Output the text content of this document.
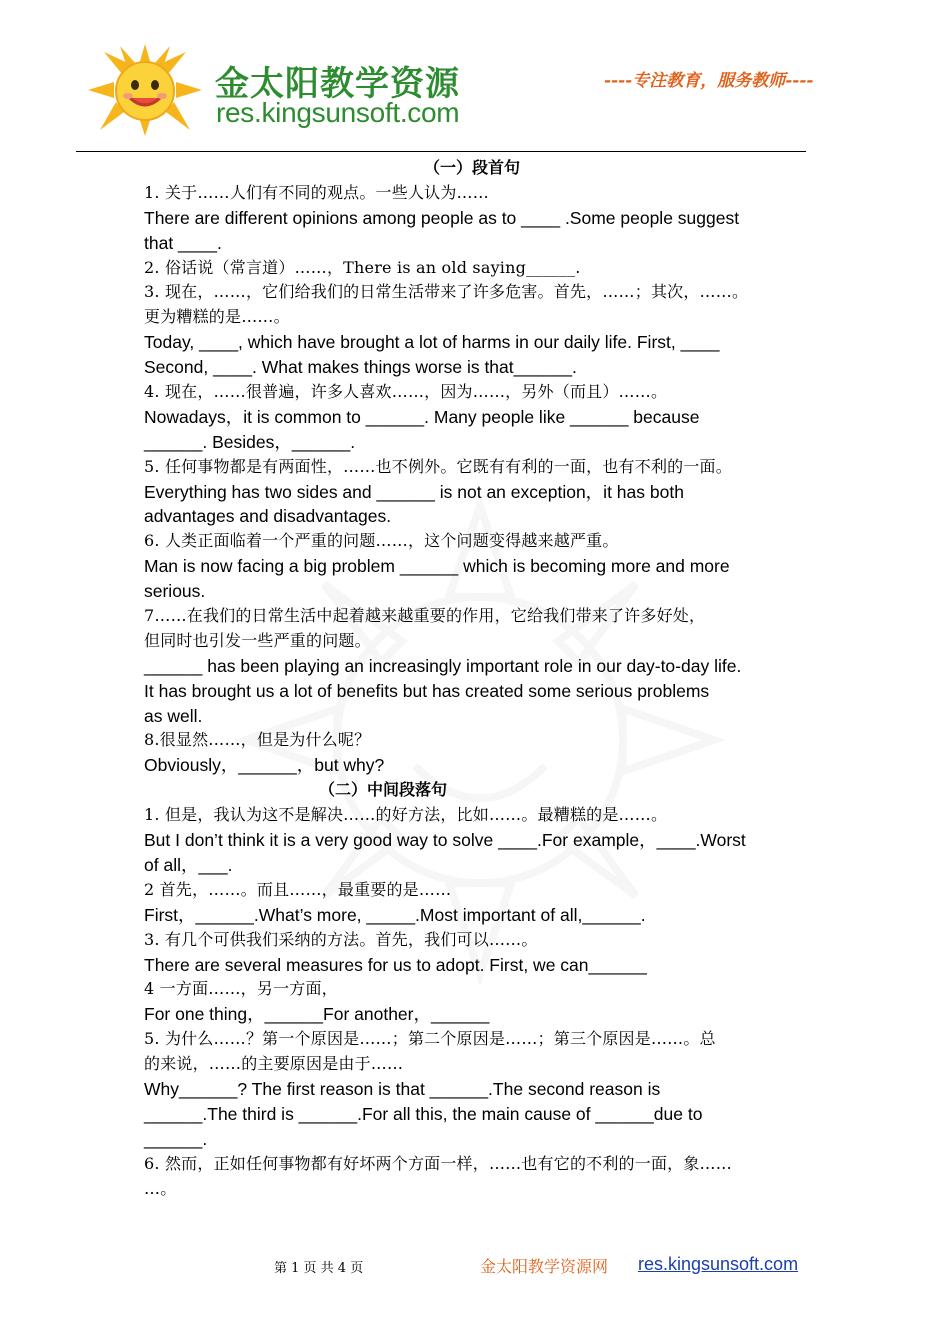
金太阳教学资源
res.kingsunsoft.com
----专注教育，服务教师----
（一）段首句
1. 关于……人们有不同的观点。一些人认为……
There are different opinions among people as to ____ .Some people suggest
that ____.
2. 俗话说（常言道）……，There is an old saying______.
3. 现在，……，它们给我们的日常生活带来了许多危害。首先，……；其次，……。
更为糟糕的是……。
Today, ____, which have brought a lot of harms in our daily life. First, ____
Second, ____. What makes things worse is that______.
4. 现在，……很普遍，许多人喜欢……，因为……，另外（而且）……。
Nowadays，it is common to ______. Many people like ______ because
______. Besides，______.
5. 任何事物都是有两面性，……也不例外。它既有有利的一面，也有不利的一面。
Everything has two sides and ______ is not an exception，it has both
advantages and disadvantages.
6. 人类正面临着一个严重的问题……，这个问题变得越来越严重。
Man is now facing a big problem ______ which is becoming more and more
serious.
7……在我们的日常生活中起着越来越重要的作用，它给我们带来了许多好处，
但同时也引发一些严重的问题。
______ has been playing an increasingly important role in our day-to-day life.
It has brought us a lot of benefits but has created some serious problems
as well.
8.很显然……，但是为什么呢？
Obviously，______，but why?
（二）中间段落句
1. 但是，我认为这不是解决……的好方法，比如……。最糟糕的是……。
But I don’t think it is a very good way to solve ____.For example，____.Worst
of all，___.
2 首先，……。而且……，最重要的是……
First，______.What’s more, _____.Most important of all,______.
3. 有几个可供我们采纳的方法。首先，我们可以……。
There are several measures for us to adopt. First, we can______
4 一方面……，另一方面，
For one thing，______For another，______
5. 为什么……？第一个原因是……；第二个原因是……；第三个原因是……。总
的来说，……的主要原因是由于……
Why______? The first reason is that ______.The second reason is
______.The third is ______.For all this, the main cause of ______due to
______.
6. 然而，正如任何事物都有好坏两个方面一样，……也有它的不利的一面，象……
…。
第 1 页 共 4 页	金太阳教学资源网 res.kingsunsoft.com
